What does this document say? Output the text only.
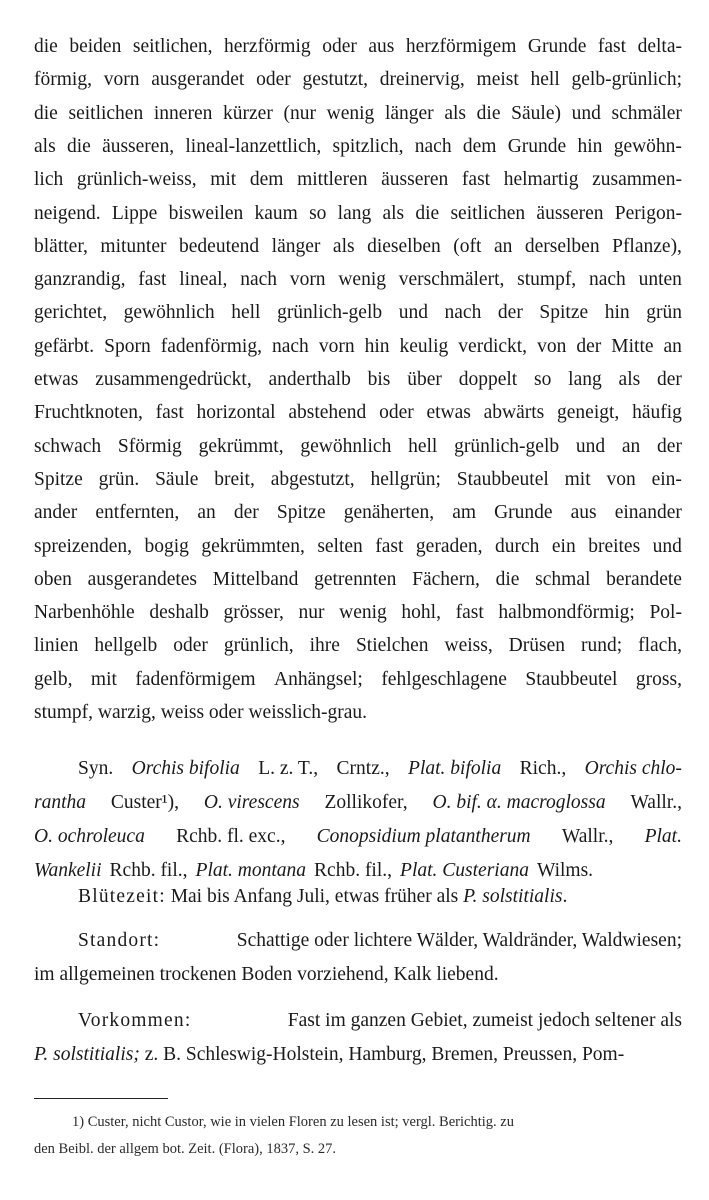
die beiden seitlichen, herzförmig oder aus herzförmigem Grunde fast delta-
förmig, vorn ausgerandet oder gestutzt, dreinervig, meist hell gelb-grünlich;
die seitlichen inneren kürzer (nur wenig länger als die Säule) und schmäler
als die äusseren, lineal-lanzettlich, spitzlich, nach dem Grunde hin gewöhn-
lich grünlich-weiss, mit dem mittleren äusseren fast helmartig zusammen-
neigend. Lippe bisweilen kaum so lang als die seitlichen äusseren Perigon-
blätter, mitunter bedeutend länger als dieselben (oft an derselben Pflanze),
ganzrandig, fast lineal, nach vorn wenig verschmälert, stumpf, nach unten
gerichtet, gewöhnlich hell grünlich-gelb und nach der Spitze hin grün
gefärbt. Sporn fadenförmig, nach vorn hin keulig verdickt, von der Mitte an
etwas zusammengedrückt, anderthalb bis über doppelt so lang als der
Fruchtknoten, fast horizontal abstehend oder etwas abwärts geneigt, häufig
schwach Sförmig gekrümmt, gewöhnlich hell grünlich-gelb und an der
Spitze grün. Säule breit, abgestutzt, hellgrün; Staubbeutel mit von ein-
ander entfernten, an der Spitze genäherten, am Grunde aus einander
spreizenden, bogig gekrümmten, selten fast geraden, durch ein breites und
oben ausgerandetes Mittelband getrennten Fächern, die schmal berandete
Narbenhöhle deshalb grösser, nur wenig hohl, fast halbmondförmig; Pol-
linien hellgelb oder grünlich, ihre Stielchen weiss, Drüsen rund; flach,
gelb, mit fadenförmigem Anhängsel; fehlgeschlagene Staubbeutel gross,
stumpf, warzig, weiss oder weisslich-grau.
Syn. Orchis bifolia L. z. T., Crntz., Plat. bifolia Rich., Orchis chlo-
rantha Custer¹), O. virescens Zollikofer, O. bif. α. macroglossa Wallr.,
O. ochroleuca Rchb. fl. exc., Conopsidium platantherum Wallr., Plat.
Wankelii Rchb. fil., Plat. montana Rchb. fil., Plat. Custeriana Wilms.
Blütezeit: Mai bis Anfang Juli, etwas früher als P. solstitialis.
Standort:	Schattige oder lichtere Wälder, Waldränder, Waldwiesen;
im allgemeinen trockenen Boden vorziehend, Kalk liebend.
Vorkommen:	Fast im ganzen Gebiet, zumeist jedoch seltener als
P. solstitialis; z. B. Schleswig-Holstein, Hamburg, Bremen, Preussen, Pom-
1) Custer, nicht Custor, wie in vielen Floren zu lesen ist; vergl. Berichtig. zu
den Beibl. der allgem bot. Zeit. (Flora), 1837, S. 27.
